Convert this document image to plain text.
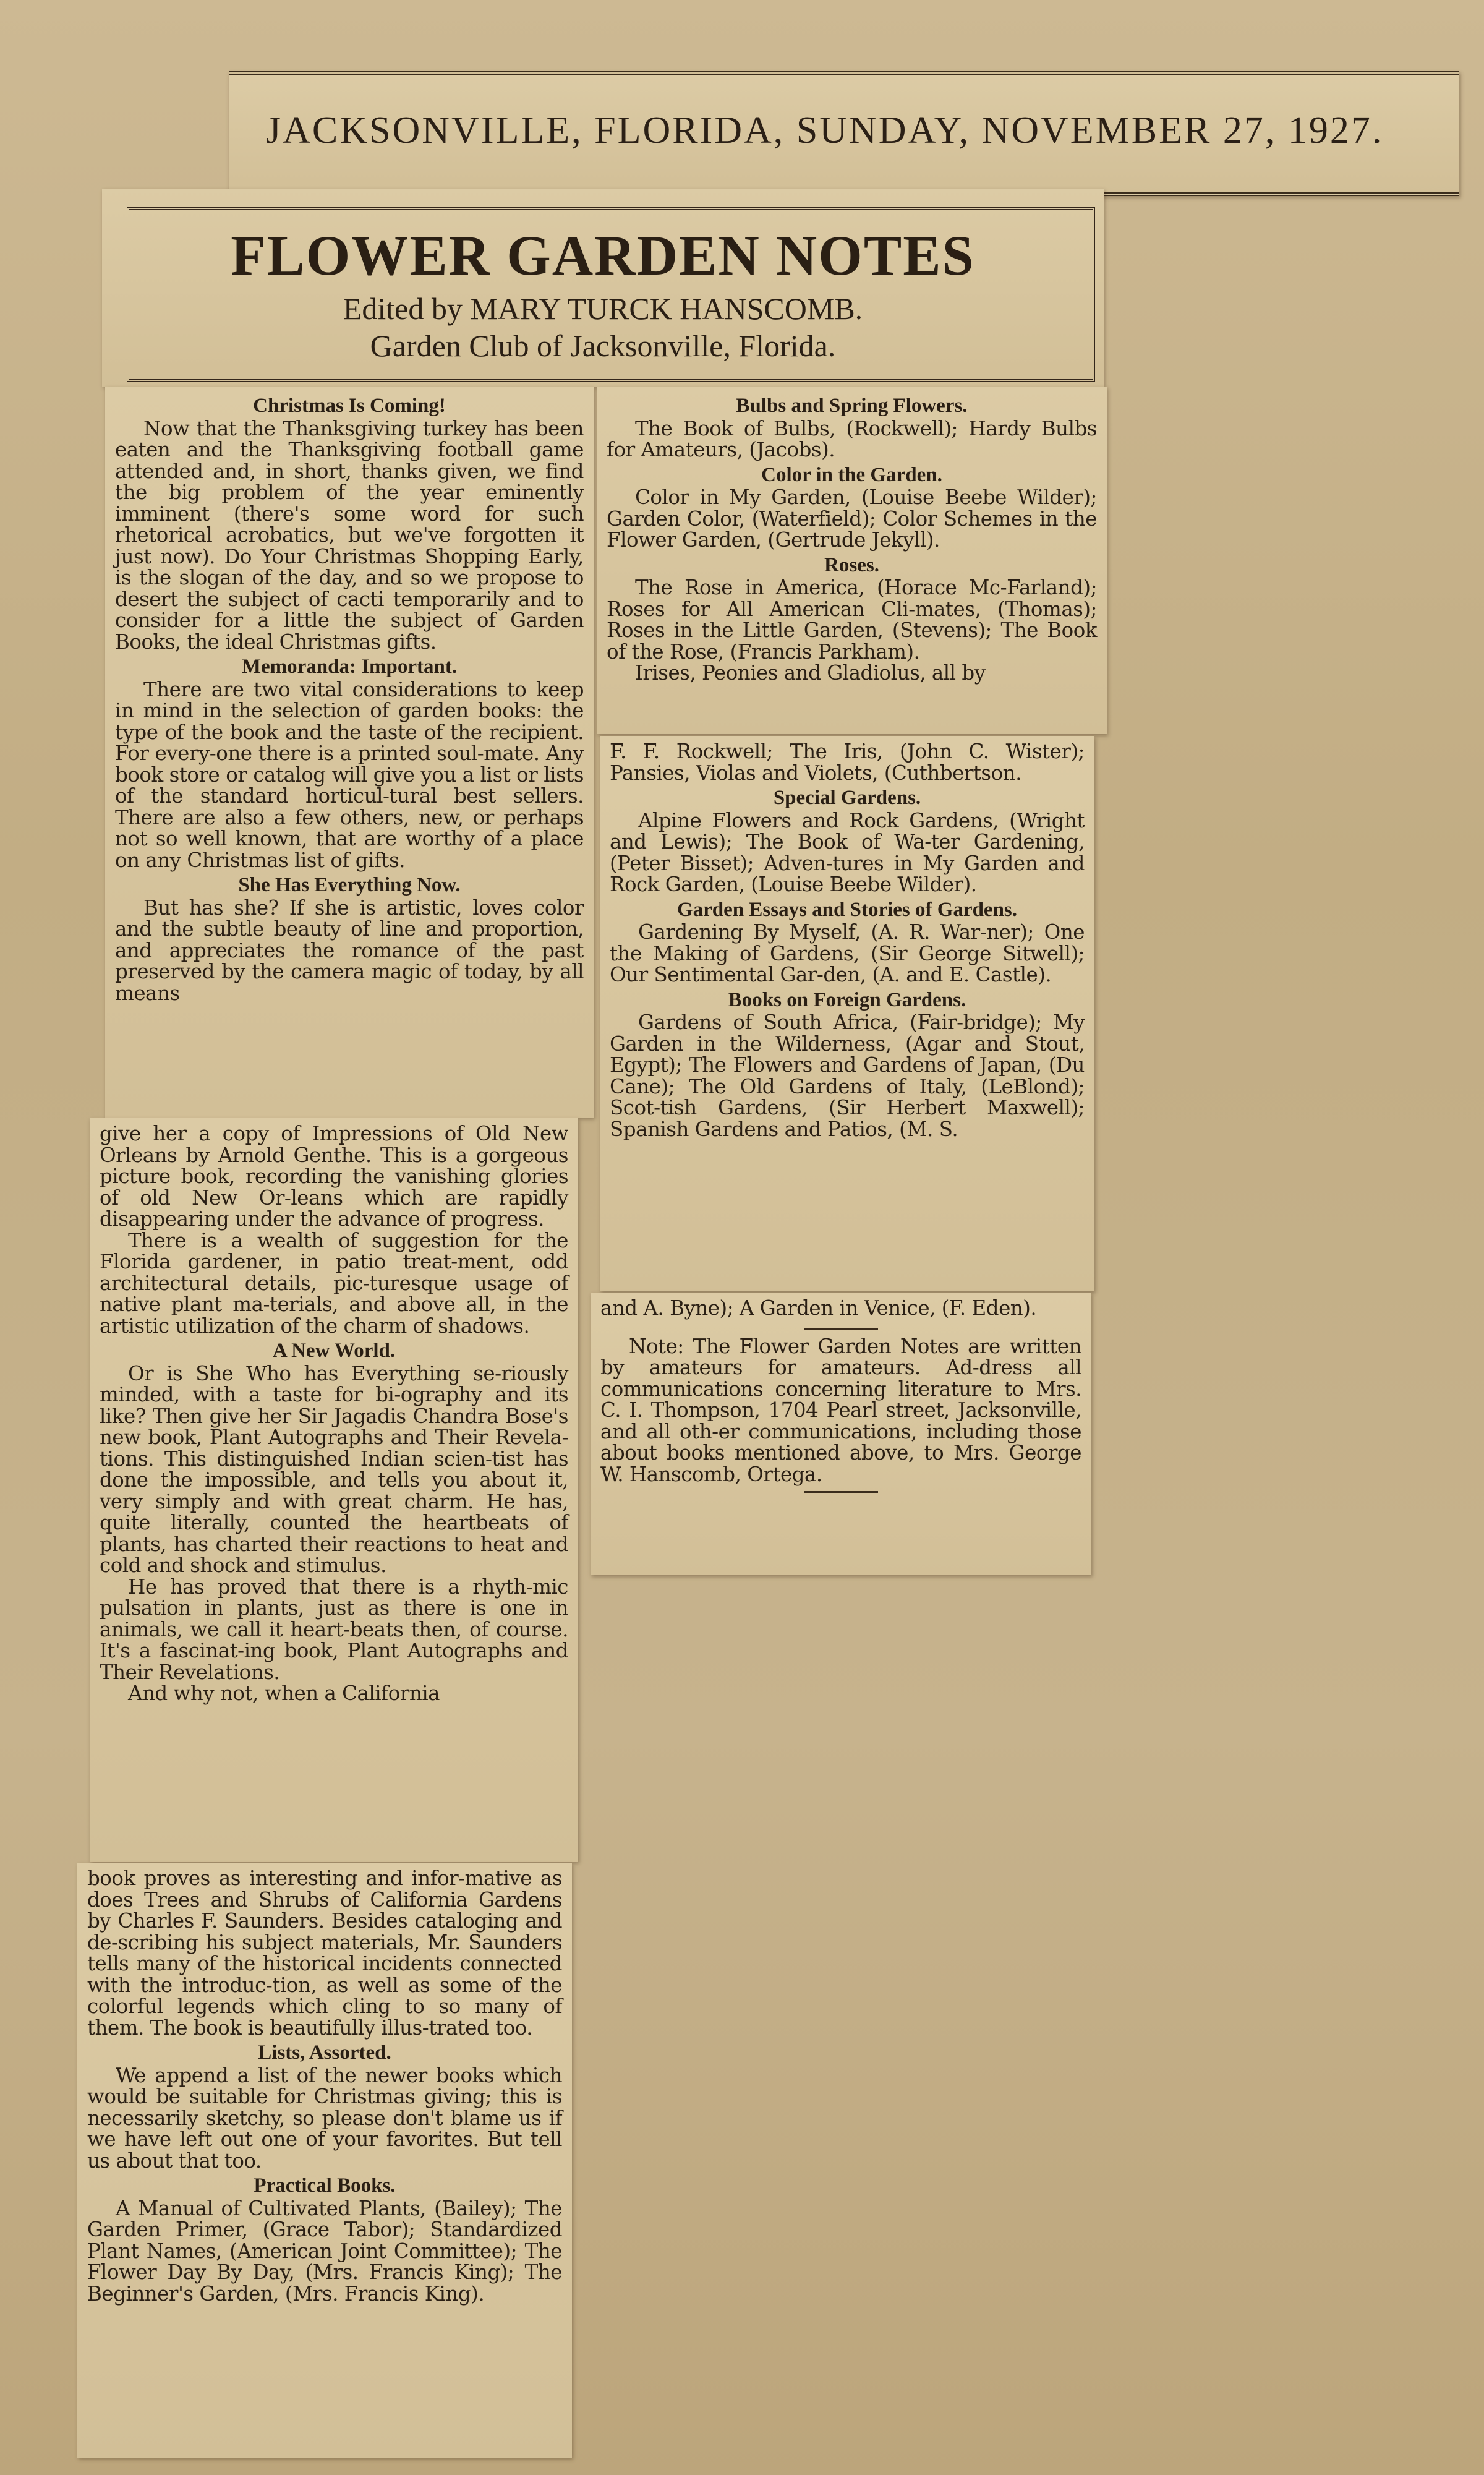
JACKSONVILLE, FLORIDA, SUNDAY, NOVEMBER 27, 1927.
FLOWER GARDEN NOTES
Edited by MARY TURCK HANSCOMB.
Garden Club of Jacksonville, Florida.
Christmas Is Coming!

Now that the Thanksgiving turkey has been eaten and the Thanksgiving football game attended and, in short, thanks given, we find the big problem of the year eminently imminent (there's some word for such rhetorical acrobatics, but we've forgotten it just now). Do Your Christmas Shopping Early, is the slogan of the day, and so we propose to desert the subject of cacti temporarily and to consider for a little the subject of Garden Books, the ideal Christmas gifts.

Memoranda: Important.

There are two vital considerations to keep in mind in the selection of garden books: the type of the book and the taste of the recipient. For every-one there is a printed soul-mate. Any book store or catalog will give you a list or lists of the standard horticul-tural best sellers. There are also a few others, new, or perhaps not so well known, that are worthy of a place on any Christmas list of gifts.

She Has Everything Now.

But has she? If she is artistic, loves color and the subtle beauty of line and proportion, and appreciates the romance of the past preserved by the camera magic of today, by all means

give her a copy of Impressions of Old New Orleans by Arnold Genthe. This is a gorgeous picture book, recording the vanishing glories of old New Or-leans which are rapidly disappearing under the advance of progress.

There is a wealth of suggestion for the Florida gardener, in patio treat-ment, odd architectural details, pic-turesque usage of native plant ma-terials, and above all, in the artistic utilization of the charm of shadows.

A New World.

Or is She Who has Everything se-riously minded, with a taste for bi-ography and its like? Then give her Sir Jagadis Chandra Bose's new book, Plant Autographs and Their Revela-tions. This distinguished Indian scien-tist has done the impossible, and tells you about it, very simply and with great charm. He has, quite literally, counted the heartbeats of plants, has charted their reactions to heat and cold and shock and stimulus.

He has proved that there is a rhyth-mic pulsation in plants, just as there is one in animals, we call it heart-beats then, of course. It's a fascinat-ing book, Plant Autographs and Their Revelations.

And why not, when a California

book proves as interesting and infor-mative as does Trees and Shrubs of California Gardens by Charles F. Saunders. Besides cataloging and de-scribing his subject materials, Mr. Saunders tells many of the historical incidents connected with the introduc-tion, as well as some of the colorful legends which cling to so many of them. The book is beautifully illus-trated too.

Lists, Assorted.

We append a list of the newer books which would be suitable for Christmas giving; this is necessarily sketchy, so please don't blame us if we have left out one of your favorites. But tell us about that too.

Practical Books.

A Manual of Cultivated Plants, (Bailey); The Garden Primer, (Grace Tabor); Standardized Plant Names, (American Joint Committee); The Flower Day By Day, (Mrs. Francis King); The Beginner's Garden, (Mrs. Francis King).

Bulbs and Spring Flowers.

The Book of Bulbs, (Rockwell); Hardy Bulbs for Amateurs, (Jacobs).

Color in the Garden.

Color in My Garden, (Louise Beebe Wilder); Garden Color, (Waterfield); Color Schemes in the Flower Garden, (Gertrude Jekyll).

Roses.

The Rose in America, (Horace Mc-Farland); Roses for All American Cli-mates, (Thomas); Roses in the Little Garden, (Stevens); The Book of the Rose, (Francis Parkham).

Irises, Peonies and Gladiolus, all by

F. F. Rockwell; The Iris, (John C. Wister); Pansies, Violas and Violets, (Cuthbertson.

Special Gardens.

Alpine Flowers and Rock Gardens, (Wright and Lewis); The Book of Wa-ter Gardening, (Peter Bisset); Adven-tures in My Garden and Rock Garden, (Louise Beebe Wilder).

Garden Essays and Stories of Gardens.

Gardening By Myself, (A. R. War-ner); One the Making of Gardens, (Sir George Sitwell); Our Sentimental Gar-den, (A. and E. Castle).

Books on Foreign Gardens.

Gardens of South Africa, (Fair-bridge); My Garden in the Wilderness, (Agar and Stout, Egypt); The Flowers and Gardens of Japan, (Du Cane); The Old Gardens of Italy, (LeBlond); Scot-tish Gardens, (Sir Herbert Maxwell); Spanish Gardens and Patios, (M. S.

and A. Byne); A Garden in Venice, (F. Eden).

Note: The Flower Garden Notes are written by amateurs for amateurs. Ad-dress all communications concerning literature to Mrs. C. I. Thompson, 1704 Pearl street, Jacksonville, and all oth-er communications, including those about books mentioned above, to Mrs. George W. Hanscomb, Ortega.
